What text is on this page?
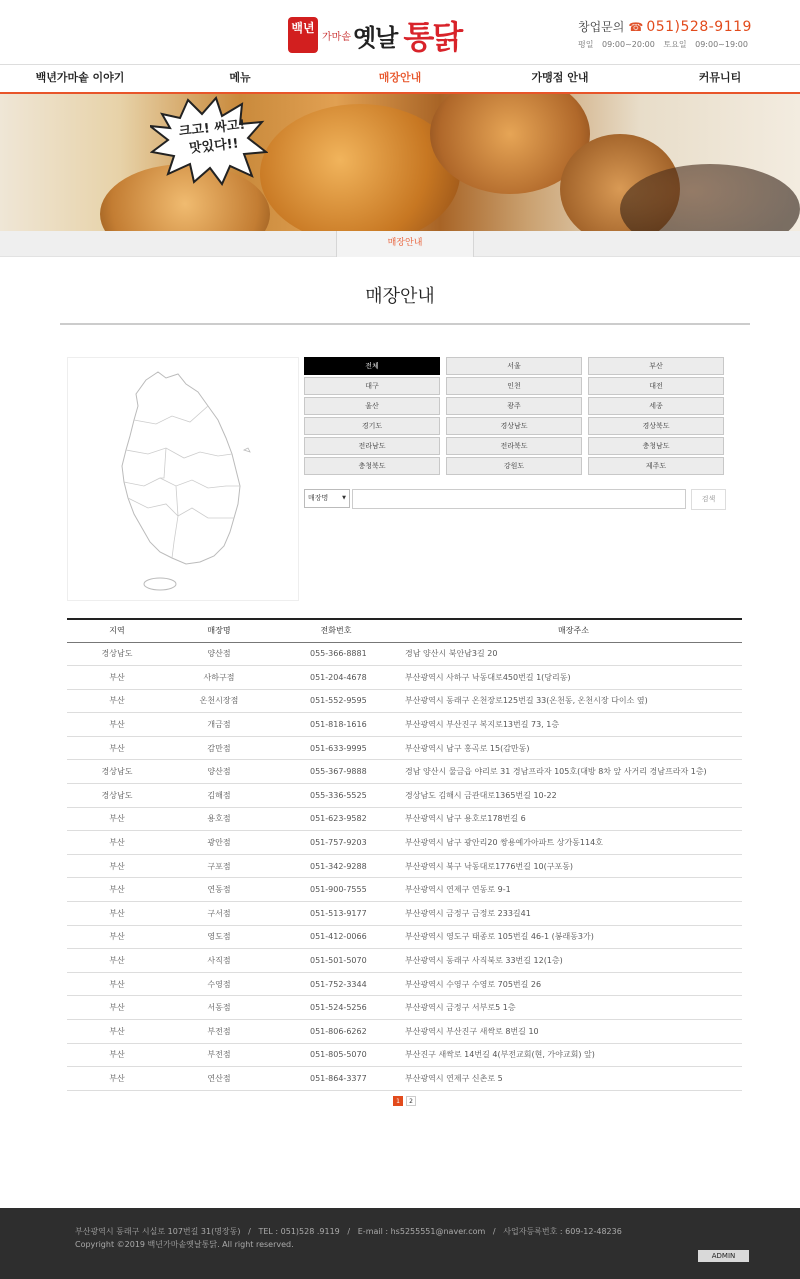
백년
가마솥 옛날 통닭	창업문의 ☎ 051)528-9119
평일 09:00~20:00 토요일 09:00~19:00
백년가마솥 이야기	메뉴	매장안내	가맹점 안내	커뮤니티
크고! 싸고!
맛있다!!
매장안내
매장안내
전체	서울	부산
대구	인천	대전
울산	광주	세종
경기도	경상남도	경상북도
전라남도	전라북도	충청남도
충청북도	강원도	제주도
매장명	▼	검색
지역	매장명	전화번호	매장주소
경상남도	양산점	055-366-8881	경남 양산시 북안남3길 20
부산	사하구점	051-204-4678	부산광역시 사하구 낙동대로450번길 1(당리동)
부산	온천시장점	051-552-9595	부산광역시 동래구 온천장로125번길 33(온천동, 온천시장 다이소 옆)
부산	개금점	051-818-1616	부산광역시 부산진구 복지로13번길 73, 1층
부산	감만점	051-633-9995	부산광역시 남구 홍곡로 15(감만동)
경상남도	양산점	055-367-9888	경남 양산시 물금읍 야리로 31 경남프라자 105호(대방 8차 앞 사거리 경남프라자 1층)
경상남도	김해점	055-336-5525	경상남도 김해시 금관대로1365번길 10-22
부산	용호점	051-623-9582	부산광역시 남구 용호로178번길 6
부산	광안점	051-757-9203	부산광역시 남구 광안리20 쌍용예가아파트 상가동114호
부산	구포점	051-342-9288	부산광역시 북구 낙동대로1776번길 10(구포동)
부산	연동점	051-900-7555	부산광역시 연제구 연동로 9-1
부산	구서점	051-513-9177	부산광역시 금정구 금정로 233길41
부산	영도점	051-412-0066	부산광역시 영도구 태종로 105번길 46-1 (봉래동3가)
부산	사직점	051-501-5070	부산광역시 동래구 사직북로 33번길 12(1층)
부산	수영점	051-752-3344	부산광역시 수영구 수영로 705번길 26
부산	서동점	051-524-5256	부산광역시 금정구 서부로5 1층
부산	부전점	051-806-6262	부산광역시 부산진구 새싹로 8번길 10
부산	부전점	051-805-5070	부산진구 새싹로 14번길 4(부전교회(현, 가야교회) 앞)
부산	연산점	051-864-3377	부산광역시 연제구 신촌로 5
1	2
부산광역시 동래구 시실로 107번길 31(명장동)   /   TEL : 051)528 .9119   /   E-mail : hs5255551@naver.com   /   사업자등록번호 : 609-12-48236
Copyright ©2019 백년가마솥옛날통닭. All right reserved.
ADMIN
